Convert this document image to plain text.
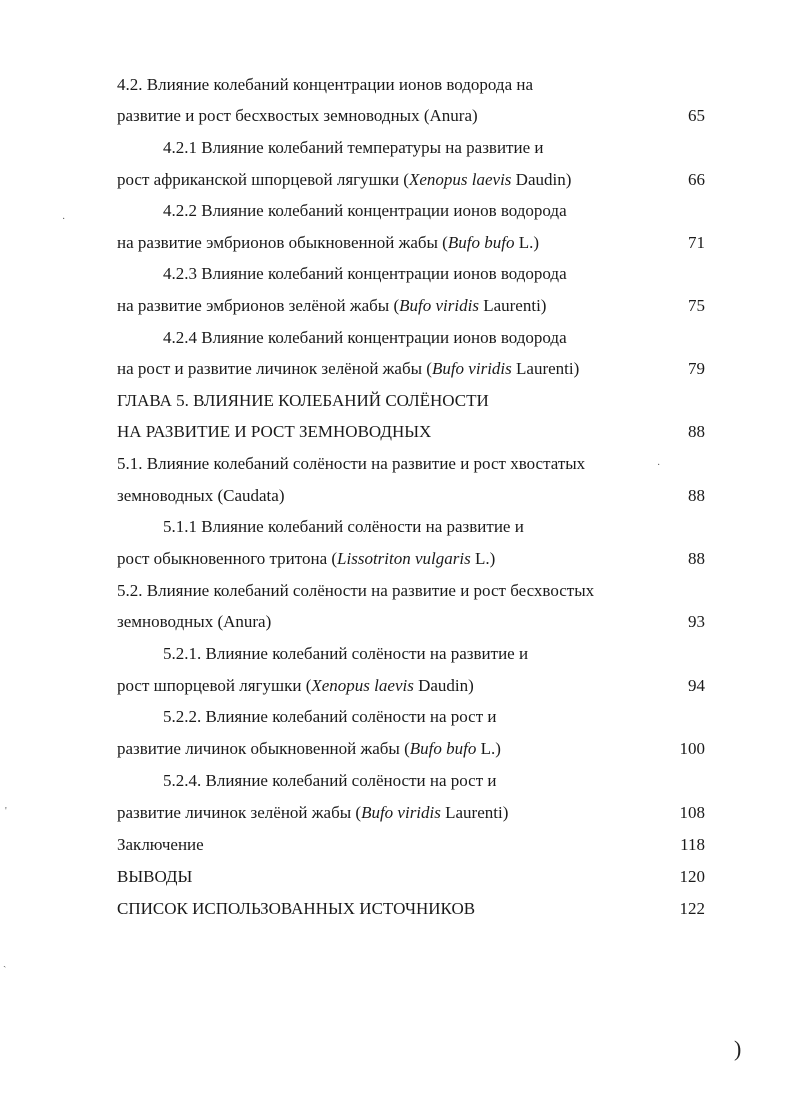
4.2. Влияние колебаний концентрации ионов водорода на
развитие и рост бесхвостых земноводных (Anura)	65
4.2.1 Влияние колебаний температуры на развитие и
рост африканской шпорцевой лягушки (Xenopus laevis Daudin)	66
4.2.2 Влияние колебаний концентрации ионов водорода
на развитие эмбрионов обыкновенной жабы (Bufo bufo L.)	71
4.2.3 Влияние колебаний концентрации ионов водорода
на развитие эмбрионов зелёной жабы (Bufo viridis Laurenti)	75
4.2.4 Влияние колебаний концентрации ионов водорода
на рост и развитие личинок зелёной жабы (Bufo viridis Laurenti)	79
ГЛАВА 5. ВЛИЯНИЕ КОЛЕБАНИЙ СОЛЁНОСТИ
НА РАЗВИТИЕ И РОСТ ЗЕМНОВОДНЫХ	88
5.1. Влияние колебаний солёности на развитие и рост хвостатых
земноводных (Caudata)	88
5.1.1 Влияние колебаний солёности на развитие и
рост обыкновенного тритона (Lissotriton vulgaris L.)	88
5.2. Влияние колебаний солёности на развитие и рост бесхвостых
земноводных (Anura)	93
5.2.1. Влияние колебаний солёности на развитие и
рост шпорцевой лягушки (Xenopus laevis Daudin)	94
5.2.2. Влияние колебаний солёности на рост и
развитие личинок обыкновенной жабы (Bufo bufo L.)	100
5.2.4. Влияние колебаний солёности на рост и
развитие личинок зелёной жабы (Bufo viridis Laurenti)	108
Заключение	118
ВЫВОДЫ	120
СПИСОК ИСПОЛЬЗОВАННЫХ ИСТОЧНИКОВ	122
·
·
'
ˎ
)
